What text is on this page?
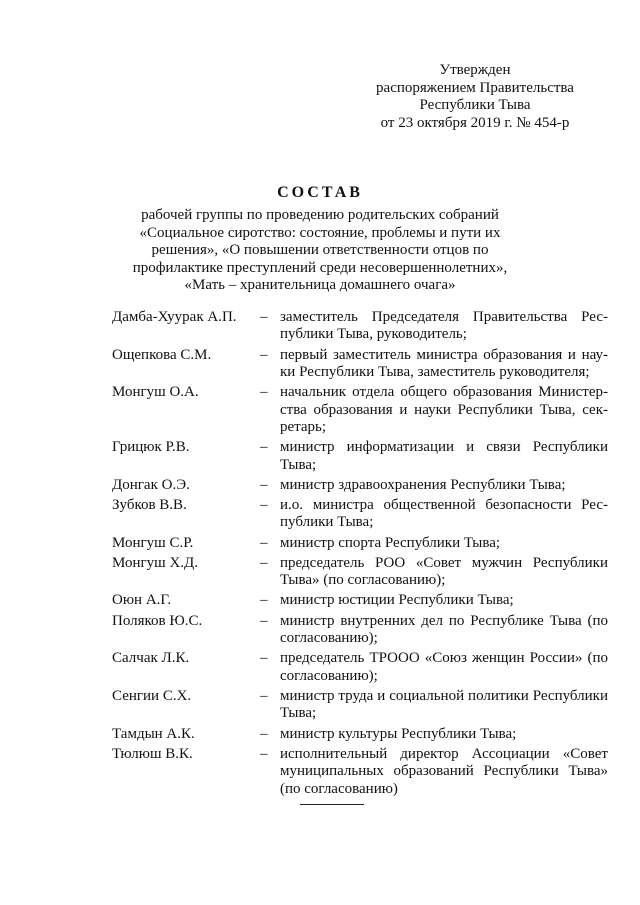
Утвержден
распоряжением Правительства
Республики Тыва
от 23 октября 2019 г. № 454-р
СОСТАВ
рабочей группы по проведению родительских собраний
«Социальное сиротство: состояние, проблемы и пути их
решения», «О повышении ответственности отцов по
профилактике преступлений среди несовершеннолетних»,
«Мать – хранительница домашнего очага»
Дамба-Хуурак А.П.	– заместитель Председателя Правительства Республики Тыва, руководитель;
Ощепкова С.М.	– первый заместитель министра образования и науки Республики Тыва, заместитель руководителя;
Монгуш О.А.	– начальник отдела общего образования Министерства образования и науки Республики Тыва, секретарь;
Грицюк Р.В.	– министр информатизации и связи Республики Тыва;
Донгак О.Э.	– министр здравоохранения Республики Тыва;
Зубков В.В.	– и.о. министра общественной безопасности Республики Тыва;
Монгуш С.Р.	– министр спорта Республики Тыва;
Монгуш Х.Д.	– председатель РОО «Совет мужчин Республики Тыва» (по согласованию);
Оюн А.Г.	– министр юстиции Республики Тыва;
Поляков Ю.С.	– министр внутренних дел по Республике Тыва (по согласованию);
Салчак Л.К.	– председатель ТРООО «Союз женщин России» (по согласованию);
Сенгии С.Х.	– министр труда и социальной политики Республики Тыва;
Тамдын А.К.	– министр культуры Республики Тыва;
Тюлюш В.К.	– исполнительный директор Ассоциации «Совет муниципальных образований Республики Тыва» (по согласованию)
